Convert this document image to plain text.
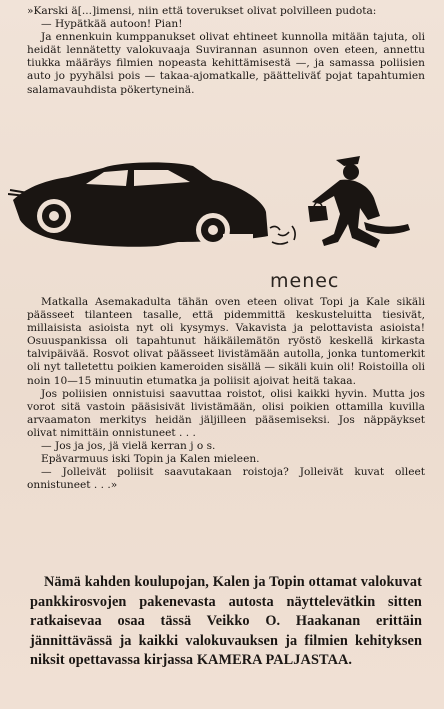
»Karski ä[...]imensi, niin että toverukset olivat polvilleen pudota:

— Hypätkää autoon! Pian!

Ja ennenkuin kumppanukset olivat ehtineet kunnolla mitään tajuta, oli heidät lennätetty valokuvaaja Suvirannan asunnon oven eteen, annettu tiukka määräys filmien nopeasta kehittämisestä —, ja samassa poliisien auto jo pyyhälsi pois — takaa-ajomatkalle, päätteliväť pojat tapahtumien salamavauhdista pökertyneinä.

menec

Matkalla Asemakadulta tähän oven eteen olivat Topi ja Kale sikäli päässeet tilanteen tasalle, että pidemmittä keskusteluitta tiesivät, millaisista asioista nyt oli kysymys. Vakavista ja pelottavista asioista! Osuuspankissa oli tapahtunut häikäilemätön ryöstö keskellä kirkasta talvipäivää. Rosvot olivat päässeet livistämään autolla, jonka tuntomerkit oli nyt talletettu poikien kameroiden sisällä — sikäli kuin oli! Roistoilla oli noin 10—15 minuutin etumatka ja poliisit ajoivat heitä takaa.

Jos poliisien onnistuisi saavuttaa roistot, olisi kaikki hyvin. Mutta jos vorot sitä vastoin pääsisivät livistämään, olisi poikien ottamilla kuvilla arvaamaton merkitys heidän jäljilleen pääsemiseksi. Jos näppäykset olivat nimittäin onnistuneet . . .

— Jos ja jos, jä vielä kerran j o s.

Epävarmuus iski Topin ja Kalen mieleen.

— Jolleivät poliisit saavutakaan roistoja? Jolleivät kuvat olleet onnistuneet . . .»

Nämä kahden koulupojan, Kalen ja Topin ottamat valokuvat pankkirosvojen pakenevasta autosta näyttelevätkin sitten ratkaisevaa osaa tässä Veikko O. Haakanan erittäin jännittävässä ja kaikki valokuvauksen ja filmien kehityksen niksit opettavassa kirjassa KAMERA PALJASTAA.
